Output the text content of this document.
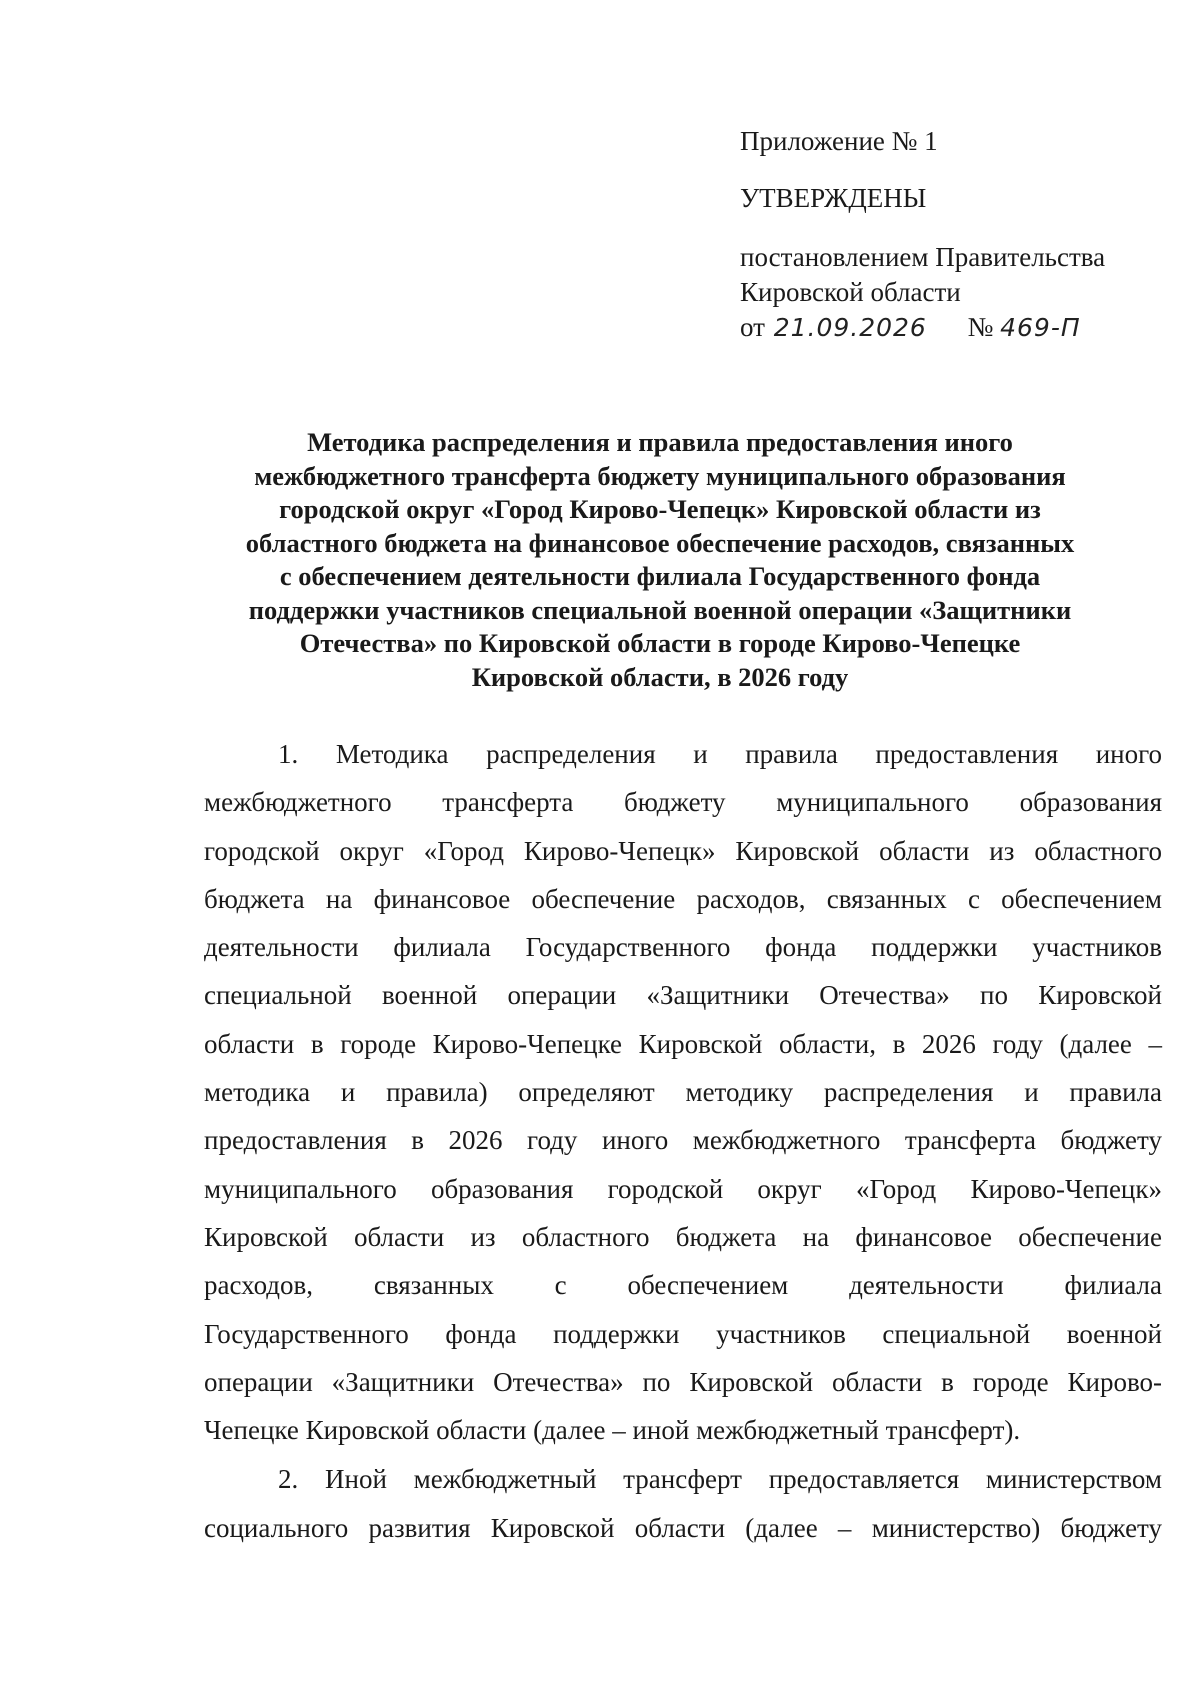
Приложение № 1
УТВЕРЖДЕНЫ
постановлением Правительства
Кировской области
от 21.09.2026 № 469-П
Методика распределения и правила предоставления иного
межбюджетного трансферта бюджету муниципального образования
городской округ «Город Кирово-Чепецк» Кировской области из
областного бюджета на финансовое обеспечение расходов, связанных
с обеспечением деятельности филиала Государственного фонда
поддержки участников специальной военной операции «Защитники
Отечества» по Кировской области в городе Кирово-Чепецке
Кировской области, в 2026 году
1. Методика распределения и правила предоставления иного
межбюджетного трансферта бюджету муниципального образования
городской округ «Город Кирово-Чепецк» Кировской области из областного
бюджета на финансовое обеспечение расходов, связанных с обеспечением
деятельности филиала Государственного фонда поддержки участников
специальной военной операции «Защитники Отечества» по Кировской
области в городе Кирово-Чепецке Кировской области, в 2026 году (далее –
методика и правила) определяют методику распределения и правила
предоставления в 2026 году иного межбюджетного трансферта бюджету
муниципального образования городской округ «Город Кирово-Чепецк»
Кировской области из областного бюджета на финансовое обеспечение
расходов, связанных с обеспечением деятельности филиала
Государственного фонда поддержки участников специальной военной
операции «Защитники Отечества» по Кировской области в городе Кирово-
Чепецке Кировской области (далее – иной межбюджетный трансферт).
2. Иной межбюджетный трансферт предоставляется министерством
социального развития Кировской области (далее – министерство) бюджету
